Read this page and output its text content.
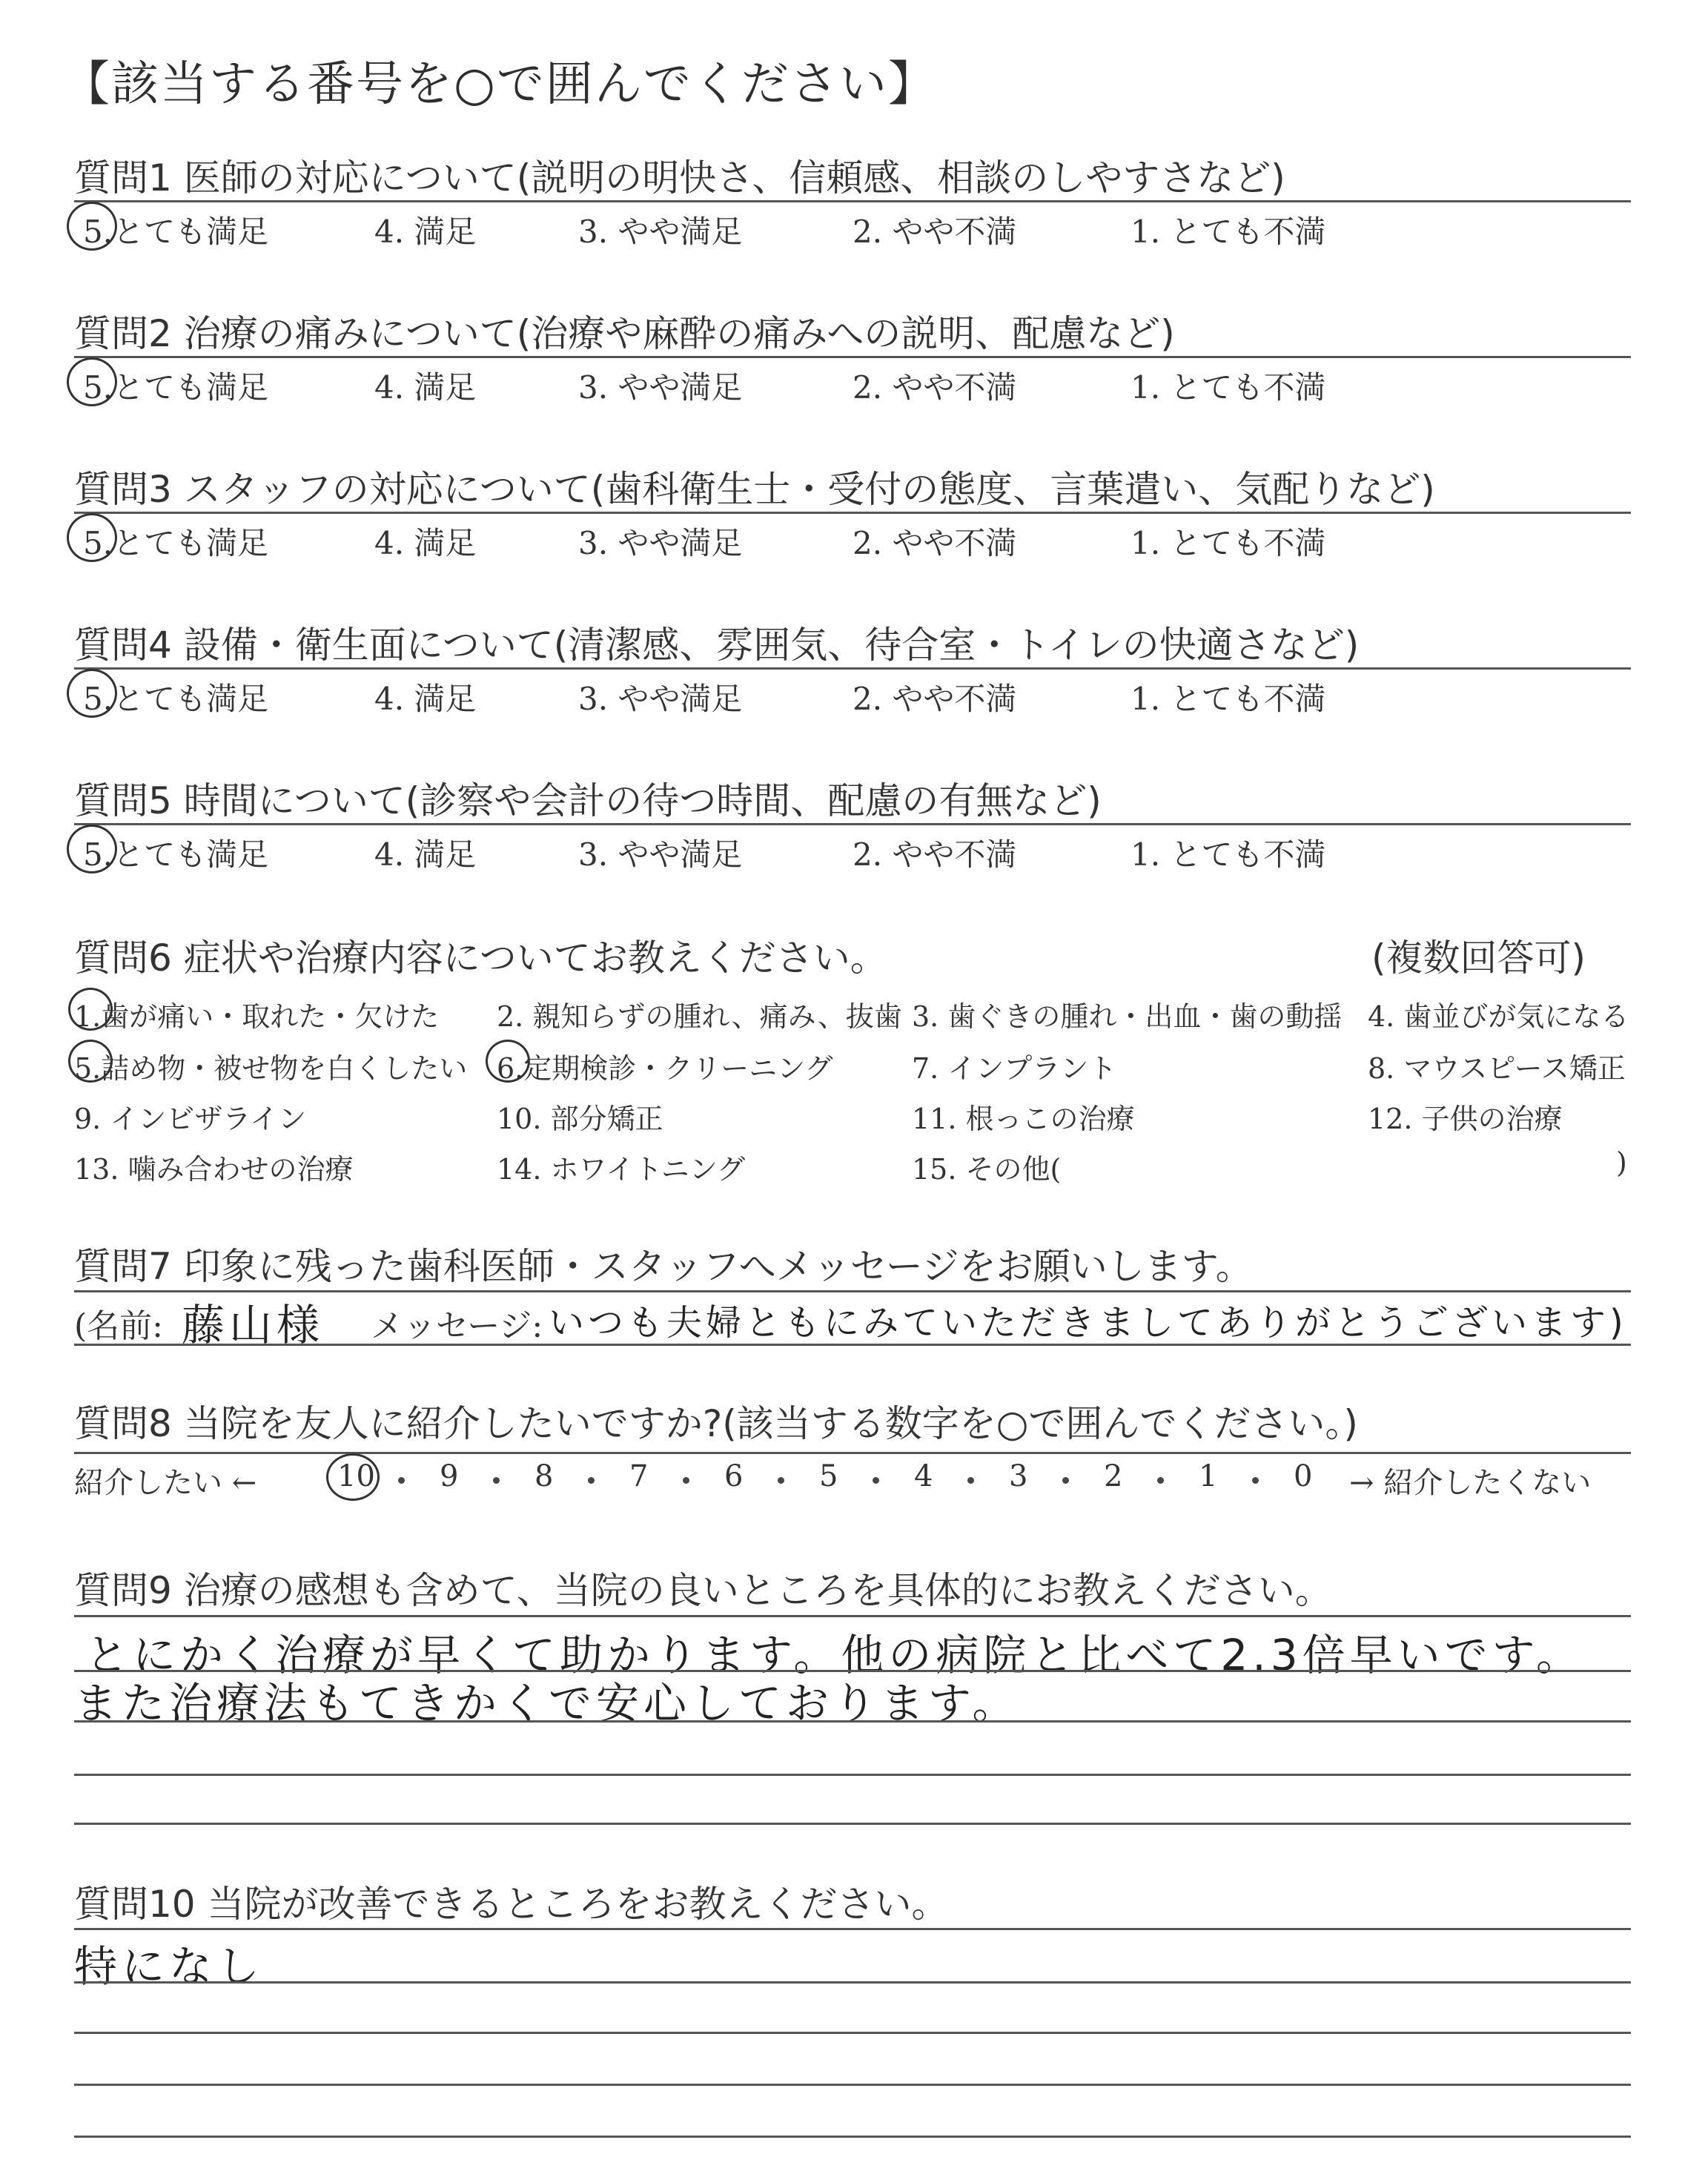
【該当する番号を○で囲んでください】
質問1 医師の対応について(説明の明快さ、信頼感、相談のしやすさなど)
5.とても満足	4. 満足	3. やや満足	2. やや不満	1. とても不満
質問2 治療の痛みについて(治療や麻酔の痛みへの説明、配慮など)
5.とても満足	4. 満足	3. やや満足	2. やや不満	1. とても不満
質問3 スタッフの対応について(歯科衛生士・受付の態度、言葉遣い、気配りなど)
5.とても満足	4. 満足	3. やや満足	2. やや不満	1. とても不満
質問4 設備・衛生面について(清潔感、雰囲気、待合室・トイレの快適さなど)
5.とても満足	4. 満足	3. やや満足	2. やや不満	1. とても不満
質問5 時間について(診察や会計の待つ時間、配慮の有無など)
5.とても満足	4. 満足	3. やや満足	2. やや不満	1. とても不満
質問6 症状や治療内容についてお教えください。	(複数回答可)
1.歯が痛い・取れた・欠けた 2. 親知らずの腫れ、痛み、抜歯 3. 歯ぐきの腫れ・出血・歯の動揺 4. 歯並びが気になる
5.詰め物・被せ物を白くしたい 6.定期検診・クリーニング	7. インプラント	8. マウスピース矯正
9. インビザライン	10. 部分矯正	11. 根っこの治療	12. 子供の治療
13. 噛み合わせの治療	14. ホワイトニング	15. その他(	)
質問7 印象に残った歯科医師・スタッフへメッセージをお願いします。
(名前: 藤山様 メッセージ: いつも夫婦ともにみていただきましてありがとうございます)
質問8 当院を友人に紹介したいですか?(該当する数字を○で囲んでください。)
紹介したい ←	→ 紹介したくない
10 9	8	7	6	5	4	3	2	1	0
質問9 治療の感想も含めて、当院の良いところを具体的にお教えください。
とにかく治療が早くて助かります。他の病院と比べて2.3倍早いです。
また治療法もてきかくで安心しております。
質問10 当院が改善できるところをお教えください。
特になし
